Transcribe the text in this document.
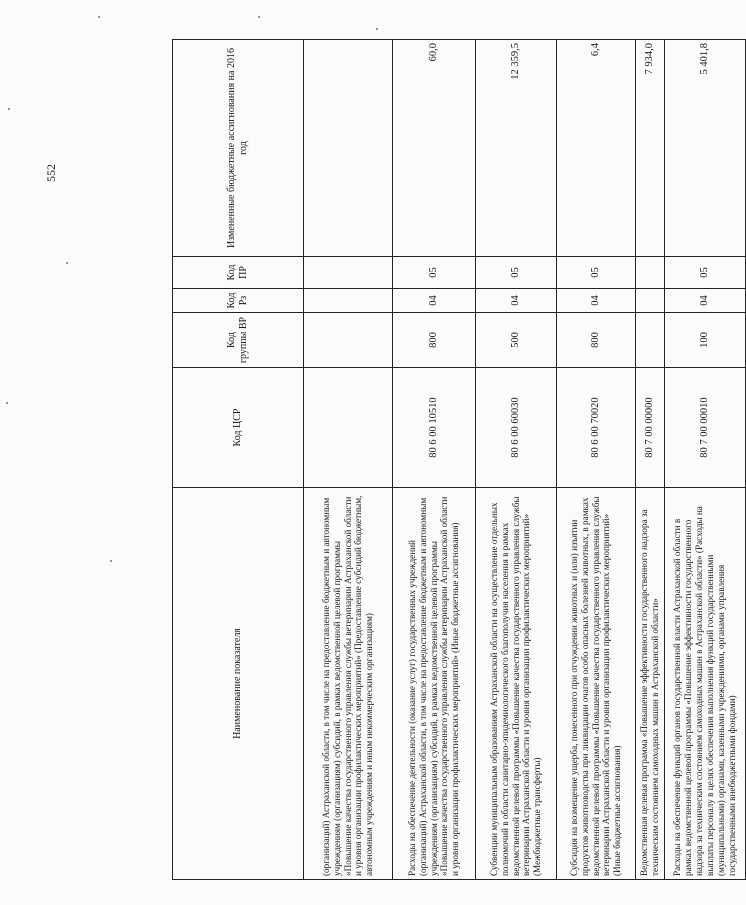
552
Наименование показателя	Код ЦСР	Код группы ВР	Код Рз	Код ПР	Измененные бюджетные ассигнования на 2016 год
(организаций) Астраханской области, в том числе на предоставление бюджетным и автономным учреждениям (организациям) субсидий, в рамках ведомственной целевой программы «Повышение качества государственного управления службы ветеринарии Астраханской области и уровня организации профилактических мероприятий» (Предоставление субсидий бюджетным, автономным учреждениям и иным некоммерческим организациям)					
Расходы на обеспечение деятельности (оказание услуг) государственных учреждений (организаций) Астраханской области, в том числе на предоставление бюджетным и автономным учреждениям (организациям) субсидий, в рамках ведомственной целевой программы «Повышение качества государственного управления службы ветеринарии Астраханской области и уровня организации профилактических мероприятий» (Иные бюджетные ассигнования)	80 6 00 10510	800	04	05	60,0
Субвенции муниципальным образованиям Астраханской области на осуществление отдельных полномочий в области санитарно-эпидемиологического благополучия населения в рамках ведомственной целевой программы «Повышение качества государственного управления службы ветеринарии Астраханской области и уровня организации профилактических мероприятий» (Межбюджетные трансферты)	80 6 00 60030	500	04	05	12 359,5
Субсидия на возмещение ущерба, понесенного при отчуждении животных и (или) изъятии продуктов животноводства при ликвидации очагов особо опасных болезней животных, в рамках ведомственной целевой программы «Повышение качества государственного управления службы ветеринарии Астраханской области и уровня организации профилактических мероприятий» (Иные бюджетные ассигнования)	80 6 00 70020	800	04	05	6,4
Ведомственная целевая программа «Повышение эффективности государственного надзора за техническим состоянием самоходных машин в Астраханской области»	80 7 00 00000				7 934,0
Расходы на обеспечение функций органов государственной власти Астраханской области в рамках ведомственной целевой программы «Повышение эффективности государственного надзора за техническим состоянием самоходных машин в Астраханской области» (Расходы на выплаты персоналу в целях обеспечения выполнения функций государственными (муниципальными) органами, казенными учреждениями, органами управления государственными внебюджетными фондами)	80 7 00 00010	100	04	05	5 401,8
